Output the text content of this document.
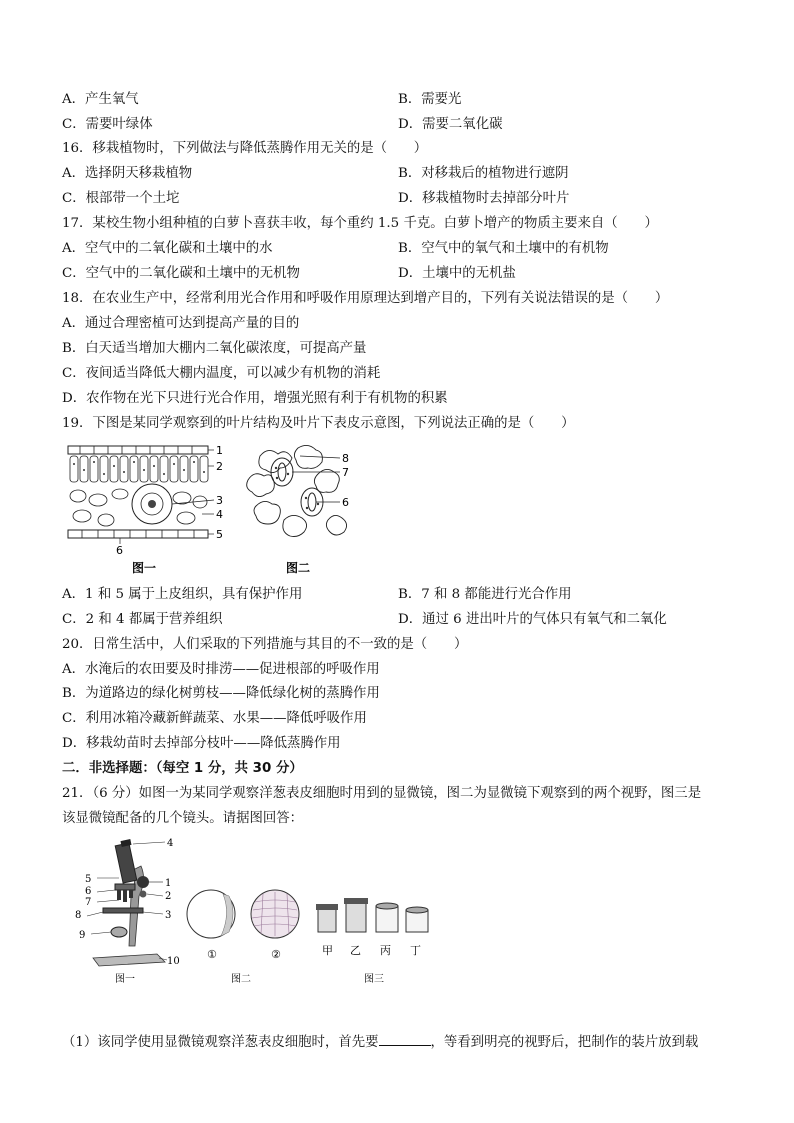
A．产生氧气	B．需要光
C．需要叶绿体	D．需要二氧化碳
16．移栽植物时，下列做法与降低蒸腾作用无关的是（　　）
A．选择阴天移栽植物	B．对移栽后的植物进行遮阴
C．根部带一个土坨	D．移栽植物时去掉部分叶片
17．某校生物小组种植的白萝卜喜获丰收，每个重约 1.5 千克。白萝卜增产的物质主要来自（　　）
A．空气中的二氧化碳和土壤中的水	B．空气中的氧气和土壤中的有机物
C．空气中的二氧化碳和土壤中的无机物	D．土壤中的无机盐
18．在农业生产中，经常利用光合作用和呼吸作用原理达到增产目的，下列有关说法错误的是（　　）
A．通过合理密植可达到提高产量的目的
B．白天适当增加大棚内二氧化碳浓度，可提高产量
C．夜间适当降低大棚内温度，可以减少有机物的消耗
D．农作物在光下只进行光合作用，增强光照有利于有机物的积累
19．下图是某同学观察到的叶片结构及叶片下表皮示意图，下列说法正确的是（　　）
1
2
3
4
5
6
图一
8
7
6
图二
A．1 和 5 属于上皮组织，具有保护作用	B．7 和 8 都能进行光合作用
C．2 和 4 都属于营养组织	D．通过 6 进出叶片的气体只有氧气和二氧化
20．日常生活中，人们采取的下列措施与其目的不一致的是（　　）
A．水淹后的农田要及时排涝——促进根部的呼吸作用
B．为道路边的绿化树剪枝——降低绿化树的蒸腾作用
C．利用冰箱冷藏新鲜蔬菜、水果——降低呼吸作用
D．移栽幼苗时去掉部分枝叶——降低蒸腾作用
二．非选择题：（每空 1 分，共 30 分）
21．（6 分）如图一为某同学观察洋葱表皮细胞时用到的显微镜，图二为显微镜下观察到的两个视野，图三是
该显微镜配备的几个镜头。请据图回答：
4
5	1
6	2
7
8	3
9
10
图一
①	②
图二
甲 乙 丙 丁
图三
（1）该同学使用显微镜观察洋葱表皮细胞时，首先要	，等看到明亮的视野后，把制作的装片放到载
